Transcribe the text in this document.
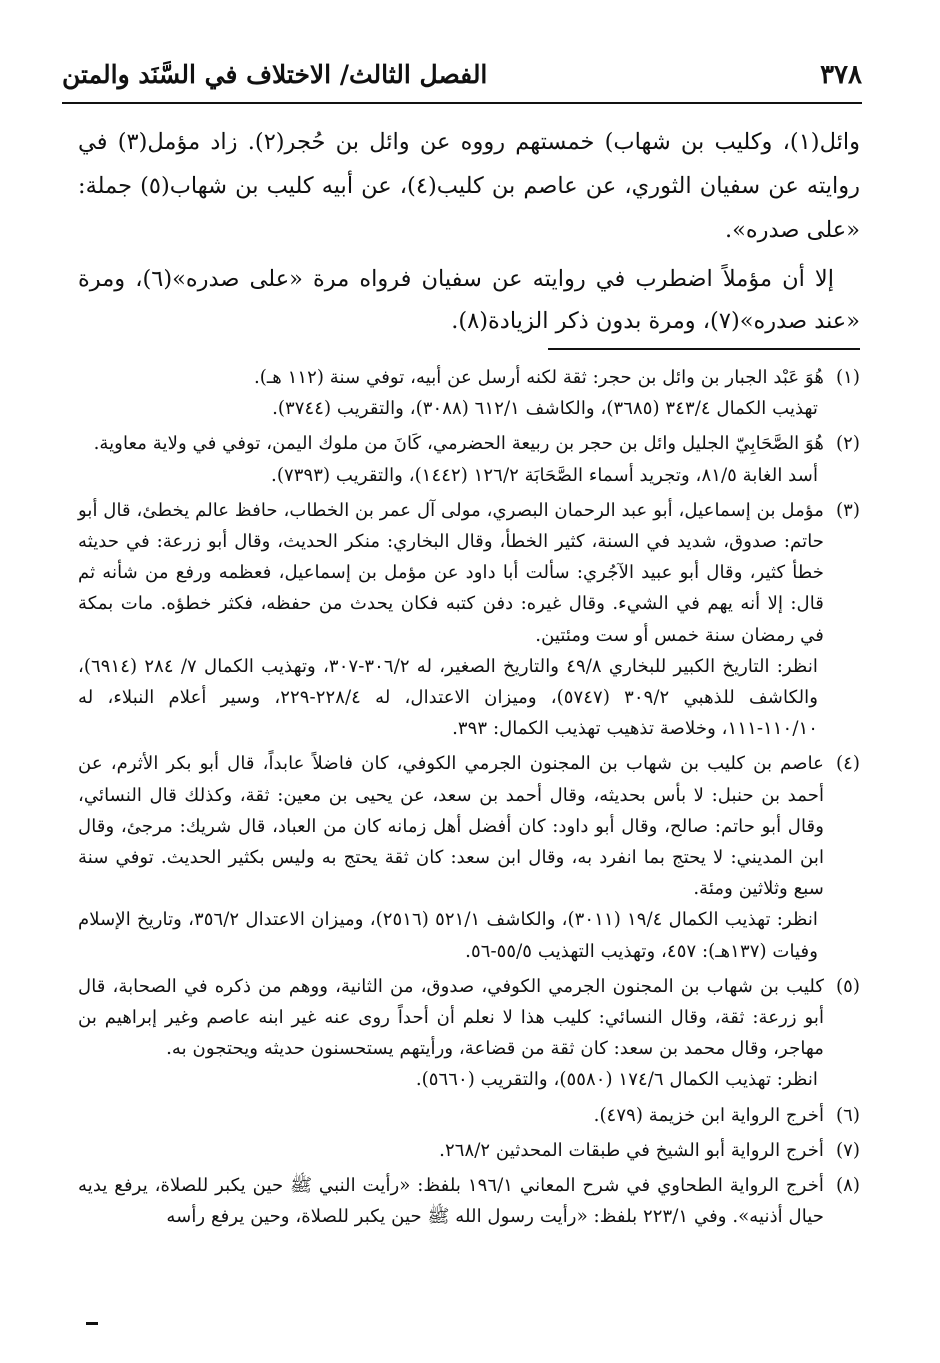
٣٧٨
الفصل الثالث/ الاختلاف في السَّنَد والمتن

وائل(١)، وكليب بن شهاب) خمستهم رووه عن وائل بن حُجر(٢). زاد مؤمل(٣) في روايته عن سفيان الثوري، عن عاصم بن كليب(٤)، عن أبيه كليب بن شهاب(٥) جملة: «على صدره».

إلا أن مؤملاً اضطرب في روايته عن سفيان فرواه مرة «على صدره»(٦)، ومرة «عند صدره»(٧)، ومرة بدون ذكر الزيادة(٨).

(١)

هُوَ عَبْد الجبار بن وائل بن حجر: ثقة لكنه أرسل عن أبيه، توفي سنة (١١٢ هـ).

تهذيب الكمال ٣٤٣/٤ (٣٦٨٥)، والكاشف ٦١٢/١ (٣٠٨٨)، والتقريب (٣٧٤٤).

(٢)

هُوَ الصَّحَابِيّ الجليل وائل بن حجر بن ربيعة الحضرمي، كَانَ من ملوك اليمن، توفي في ولاية معاوية.

أسد الغابة ٨١/٥، وتجريد أسماء الصَّحَابَة ١٢٦/٢ (١٤٤٢)، والتقريب (٧٣٩٣).

(٣)

مؤمل بن إسماعيل، أبو عبد الرحمان البصري، مولى آل عمر بن الخطاب، حافظ عالم يخطئ، قال أبو حاتم: صدوق، شديد في السنة، كثير الخطأ، وقال البخاري: منكر الحديث، وقال أبو زرعة: في حديثه خطأ كثير، وقال أبو عبيد الآجُري: سألت أبا داود عن مؤمل بن إسماعيل، فعظمه ورفع من شأنه ثم قال: إلا أنه يهم في الشيء. وقال غيره: دفن كتبه فكان يحدث من حفظه، فكثر خطؤه. مات بمكة في رمضان سنة خمس أو ست ومئتين.

انظر: التاريخ الكبير للبخاري ٤٩/٨ والتاريخ الصغير، له ٣٠٦/٢-٣٠٧، وتهذيب الكمال ٧/ ٢٨٤ (٦٩١٤)، والكاشف للذهبي ٣٠٩/٢ (٥٧٤٧)، وميزان الاعتدال، له ٢٢٨/٤-٢٢٩، وسير أعلام النبلاء، له ١١٠/١٠-١١١، وخلاصة تذهيب تهذيب الكمال: ٣٩٣.

(٤)

عاصم بن كليب بن شهاب بن المجنون الجرمي الكوفي، كان فاضلاً عابداً، قال أبو بكر الأثرم، عن أحمد بن حنبل: لا بأس بحديثه، وقال أحمد بن سعد، عن يحيى بن معين: ثقة، وكذلك قال النسائي، وقال أبو حاتم: صالح، وقال أبو داود: كان أفضل أهل زمانه كان من العباد، قال شريك: مرجئ، وقال ابن المديني: لا يحتج بما انفرد به، وقال ابن سعد: كان ثقة يحتج به وليس بكثير الحديث. توفي سنة سبع وثلاثين ومئة.

انظر: تهذيب الكمال ١٩/٤ (٣٠١١)، والكاشف ٥٢١/١ (٢٥١٦)، وميزان الاعتدال ٣٥٦/٢، وتاريخ الإسلام وفيات (١٣٧هـ): ٤٥٧، وتهذيب التهذيب ٥٥/٥-٥٦.

(٥)

كليب بن شهاب بن المجنون الجرمي الكوفي، صدوق، من الثانية، ووهم من ذكره في الصحابة، قال أبو زرعة: ثقة، وقال النسائي: كليب هذا لا نعلم أن أحداً روى عنه غير ابنه عاصم وغير إبراهيم بن مهاجر، وقال محمد بن سعد: كان ثقة من قضاعة، ورأيتهم يستحسنون حديثه ويحتجون به.

انظر: تهذيب الكمال ١٧٤/٦ (٥٥٨٠)، والتقريب (٥٦٦٠).

(٦)

أخرج الرواية ابن خزيمة (٤٧٩).

(٧)

أخرج الرواية أبو الشيخ في طبقات المحدثين ٢٦٨/٢.

(٨)

أخرج الرواية الطحاوي في شرح المعاني ١٩٦/١ بلفظ: «رأيت النبي ﷺ حين يكبر للصلاة، يرفع يديه حيال أذنيه». وفي ٢٢٣/١ بلفظ: «رأيت رسول الله ﷺ حين يكبر للصلاة، وحين يرفع رأسه
